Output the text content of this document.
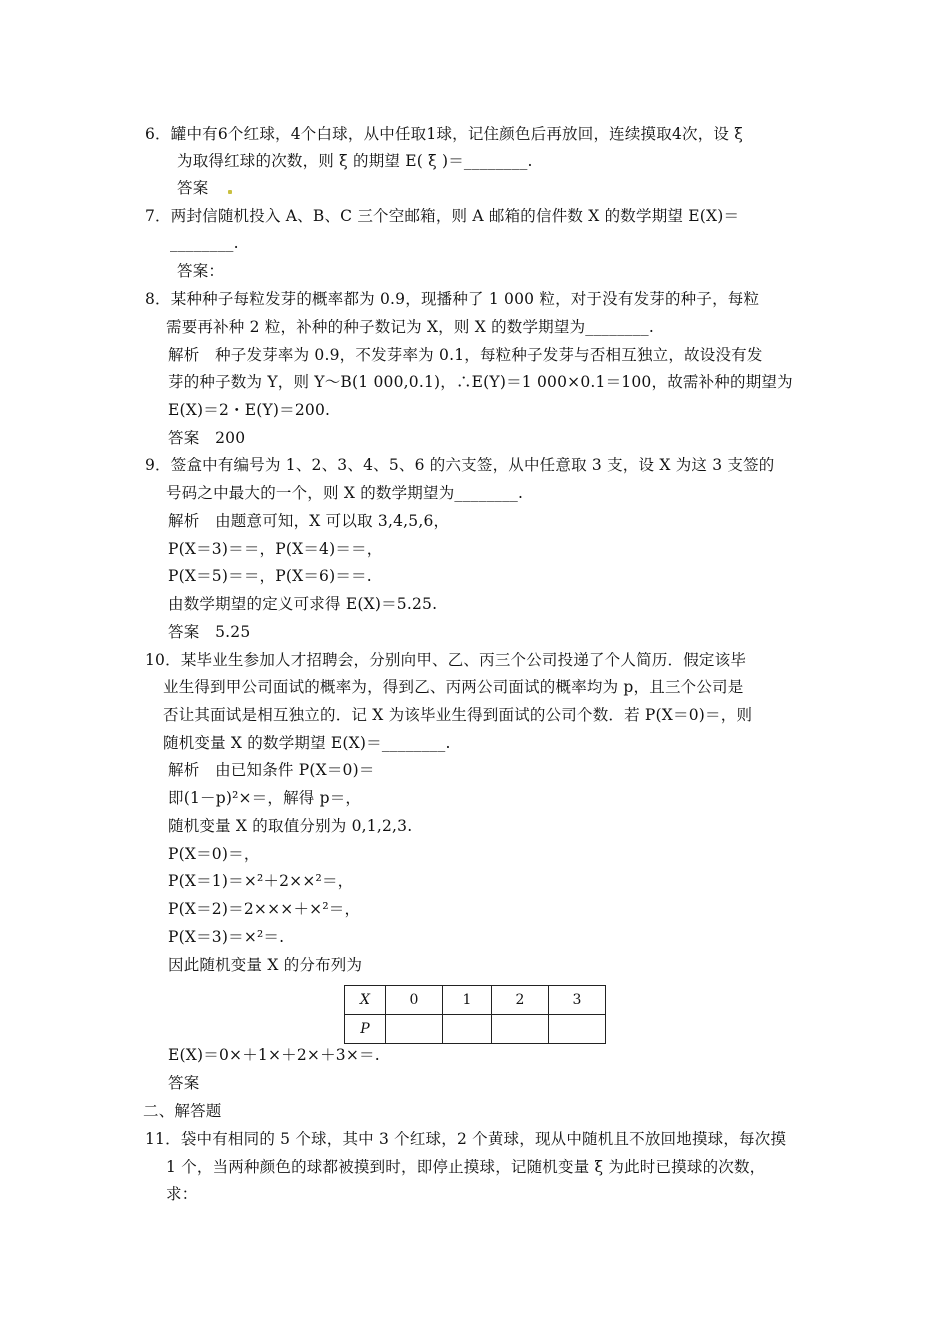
6．罐中有6个红球，4个白球，从中任取1球，记住颜色后再放回，连续摸取4次，设 ξ
为取得红球的次数，则 ξ 的期望 E( ξ )＝________.
答案
7．两封信随机投入 A、B、C 三个空邮箱，则 A 邮箱的信件数 X 的数学期望 E(X)＝
________.
答案：
8．某种种子每粒发芽的概率都为 0.9，现播种了 1 000 粒，对于没有发芽的种子，每粒
需要再补种 2 粒，补种的种子数记为 X，则 X 的数学期望为________.
解析　种子发芽率为 0.9，不发芽率为 0.1，每粒种子发芽与否相互独立，故设没有发
芽的种子数为 Y，则 Y～B(1 000,0.1)，∴E(Y)＝1 000×0.1＝100，故需补种的期望为
E(X)＝2・E(Y)＝200.
答案　200
9．签盒中有编号为 1、2、3、4、5、6 的六支签，从中任意取 3 支，设 X 为这 3 支签的
号码之中最大的一个，则 X 的数学期望为________.
解析　由题意可知，X 可以取 3,4,5,6，
P(X＝3)＝＝，P(X＝4)＝＝，
P(X＝5)＝＝，P(X＝6)＝＝.
由数学期望的定义可求得 E(X)＝5.25.
答案　5.25
10．某毕业生参加人才招聘会，分别向甲、乙、丙三个公司投递了个人简历．假定该毕
业生得到甲公司面试的概率为，得到乙、丙两公司面试的概率均为 p，且三个公司是
否让其面试是相互独立的．记 X 为该毕业生得到面试的公司个数．若 P(X＝0)＝，则
随机变量 X 的数学期望 E(X)＝________.
解析　由已知条件 P(X＝0)＝
即(1－p)²×＝，解得 p＝，
随机变量 X 的取值分别为 0,1,2,3.
P(X＝0)＝，
P(X＝1)＝×²＋2××²＝，
P(X＝2)＝2×××＋×²＝，
P(X＝3)＝×²＝.
因此随机变量 X 的分布列为
X	0	1	2	3
P				
E(X)＝0×＋1×＋2×＋3×＝.
答案
二、解答题
11．袋中有相同的 5 个球，其中 3 个红球，2 个黄球，现从中随机且不放回地摸球，每次摸
1 个，当两种颜色的球都被摸到时，即停止摸球，记随机变量 ξ 为此时已摸球的次数，
求：
